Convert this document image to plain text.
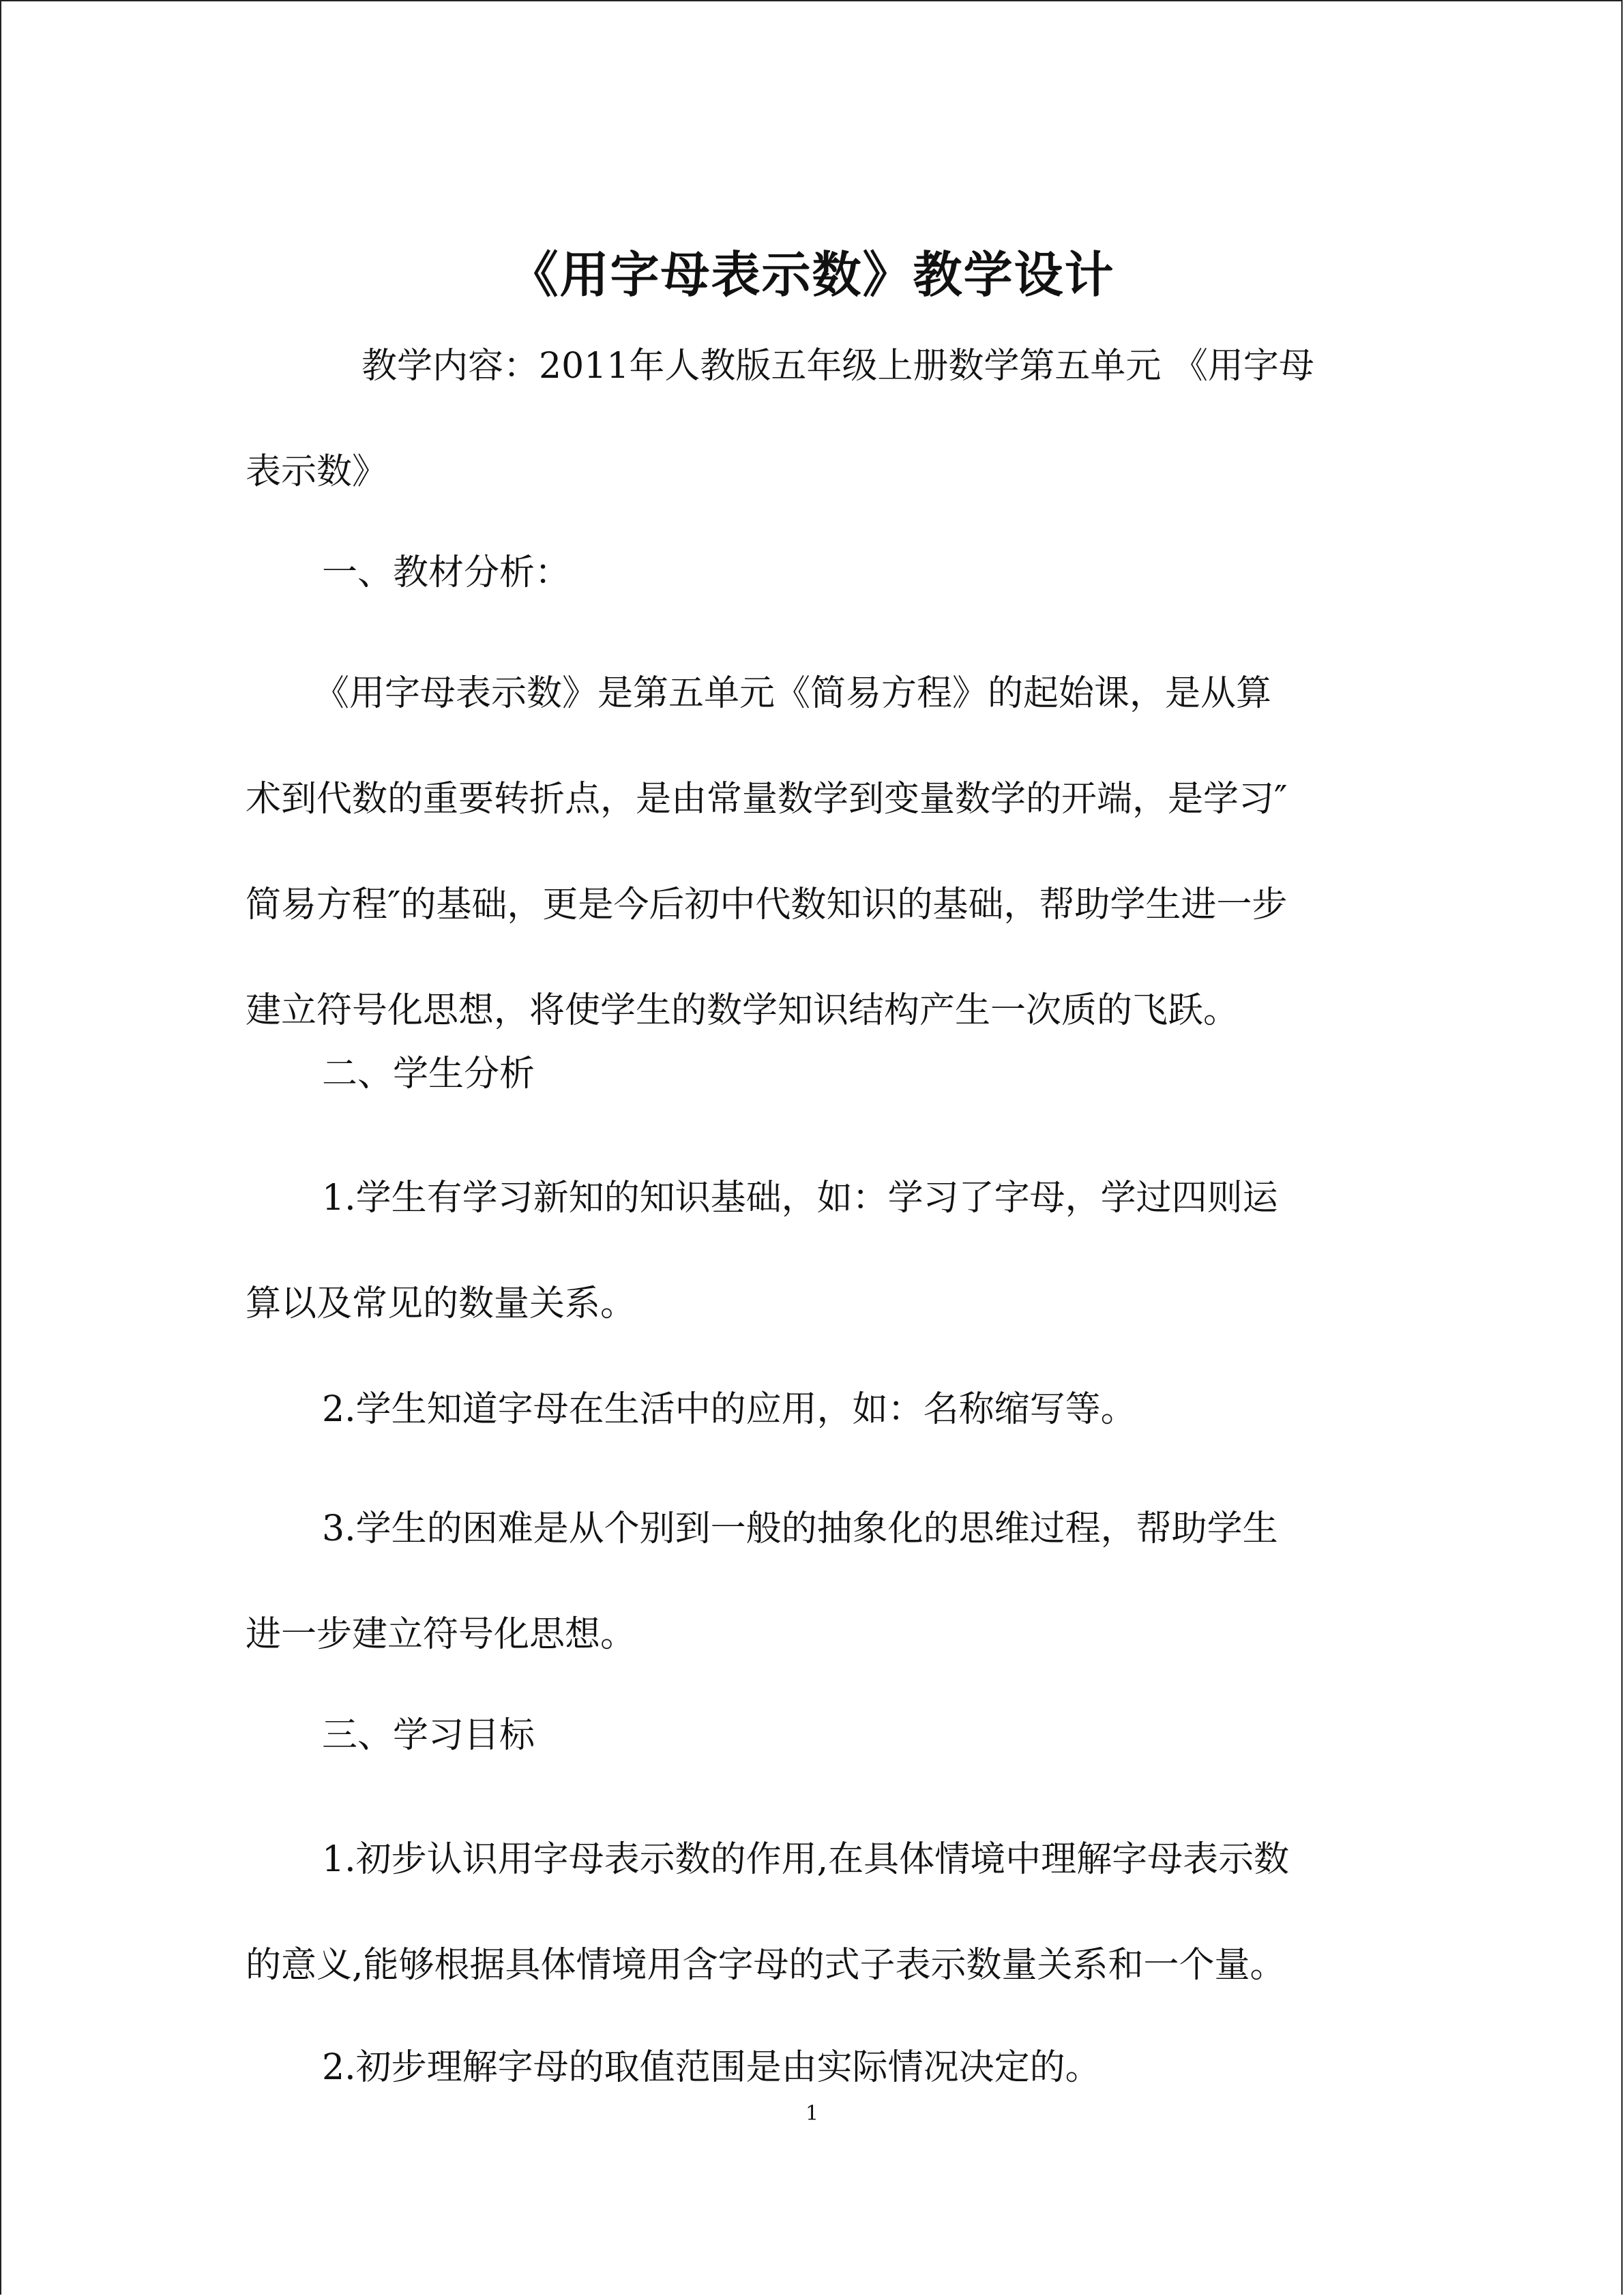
《用字母表示数》教学设计
教学内容：2011年人教版五年级上册数学第五单元 《用字母
表示数》
一、教材分析：
《用字母表示数》是第五单元《简易方程》的起始课，是从算
术到代数的重要转折点，是由常量数学到变量数学的开端，是学习″
简易方程″的基础，更是今后初中代数知识的基础，帮助学生进一步
建立符号化思想，将使学生的数学知识结构产生一次质的飞跃。
二、学生分析
1.学生有学习新知的知识基础，如：学习了字母，学过四则运
算以及常见的数量关系。
2.学生知道字母在生活中的应用，如：名称缩写等。
3.学生的困难是从个别到一般的抽象化的思维过程，帮助学生
进一步建立符号化思想。
三、学习目标
1.初步认识用字母表示数的作用,在具体情境中理解字母表示数
的意义,能够根据具体情境用含字母的式子表示数量关系和一个量。
2.初步理解字母的取值范围是由实际情况决定的。
1
